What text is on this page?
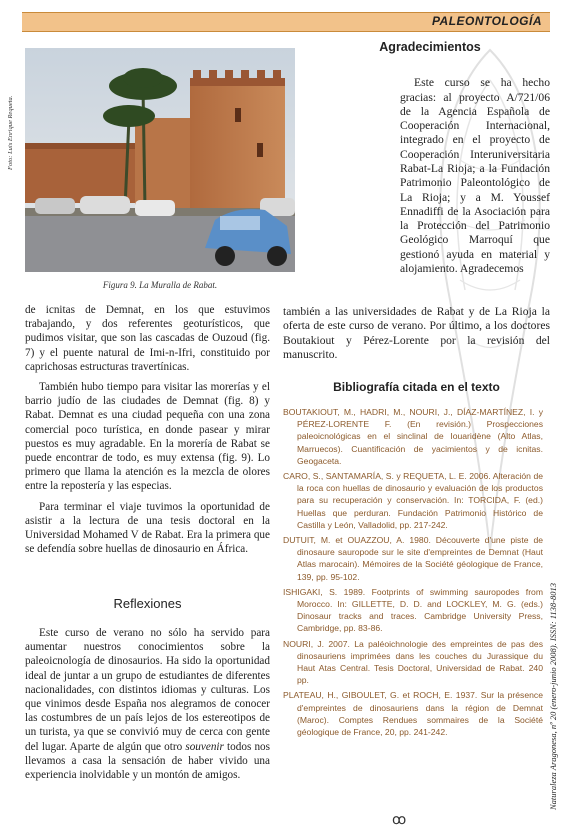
PALEONTOLOGÍA
Foto: Luis Enrique Requeta.
Figura 9. La Muralla de Rabat.
Agradecimientos

Este curso se ha hecho gracias: al proyecto A/721/06 de la Agencia Española de Cooperación Internacional, integrado en el proyecto de Cooperación Interuniversitaria Rabat-La Rioja; a la Fundación Patrimonio Paleontológico de La Rioja; y a M. Youssef Ennadiffi de la Asociación para la Protección del Patrimonio Geológico Marroquí que gestionó ayuda en material y alojamiento. Agradecemos

también a las universidades de Rabat y de La Rioja la oferta de este curso de verano. Por último, a los doctores Boutakiout y Pérez-Lorente por la revisión del manuscrito.

de icnitas de Demnat, en los que estuvimos trabajando, y dos referentes geoturísticos, que pudimos visitar, que son las cascadas de Ouzoud (fig. 7) y el puente natural de Imi-n-Ifri, constituido por caprichosas estructuras travertínicas.

También hubo tiempo para visitar las morerías y el barrio judío de las ciudades de Demnat (fig. 8) y Rabat. Demnat es una ciudad pequeña con una zona comercial poco turística, en donde pasear y mirar puestos es muy agradable. En la morería de Rabat se puede encontrar de todo, es muy extensa (fig. 9). Lo primero que llama la atención es la mezcla de olores entre la repostería y las especias.

Para terminar el viaje tuvimos la oportunidad de asistir a la lectura de una tesis doctoral en la Universidad Mohamed V de Rabat. Era la primera que se defendía sobre huellas de dinosaurio en África.

Reflexiones

Este curso de verano no sólo ha servido para aumentar nuestros conocimientos sobre la paleoicnología de dinosaurios. Ha sido la oportunidad ideal de juntar a un grupo de estudiantes de diferentes nacionalidades, con distintos idiomas y culturas. Los que vinimos desde España nos alegramos de conocer las costumbres de un país lejos de los estereotipos de un turista, ya que se convivió muy de cerca con gente del lugar. Aparte de algún que otro souvenir todos nos llevamos a casa la sensación de haber vivido una experiencia inolvidable y un montón de amigos.

Bibliografía citada en el texto

BOUTAKIOUT, M., HADRI, M., NOURI, J., DÍAZ-MARTÍNEZ, I. y PÉREZ-LORENTE F. (En revisión.) Prospecciones paleoicnológicas en el sinclinal de Iouaridène (Alto Atlas, Marruecos). Cuantificación de yacimientos y de icnitas. Geogaceta.

CARO, S., SANTAMARÍA, S. y REQUETA, L. E. 2006. Alteración de la roca con huellas de dinosaurio y evaluación de los productos para su recuperación y conservación. In: TORCIDA, F. (ed.) Huellas que perduran. Fundación Patrimonio Histórico de Castilla y León, Valladolid, pp. 217-242.

DUTUIT, M. et OUAZZOU, A. 1980. Découverte d'une piste de dinosaure sauropode sur le site d'empreintes de Demnat (Haut Atlas marocain). Mémoires de la Société géologique de France, 139, pp. 95-102.

ISHIGAKI, S. 1989. Footprints of swimming sauropodes from Morocco. In: GILLETTE, D. D. and LOCKLEY, M. G. (eds.) Dinosaur tracks and traces. Cambridge University Press, Cambridge, pp. 83-86.

NOURI, J. 2007. La paléoichnologie des empreintes de pas des dinosauriens imprimées dans les couches du Jurassique du Haut Atas Central. Tesis Doctoral, Universidad de Rabat. 240 pp.

PLATEAU, H., GIBOULET, G. et ROCH, E. 1937. Sur la présence d'empreintes de dinosauriens dans la région de Demnat (Maroc). Comptes Rendues sommaires de la Société géologique de France, 20, pp. 241-242.	Naturaleza Aragonesa, nº 20 (enero-junio 2008). ISSN: 1138-8013
ꝏ
